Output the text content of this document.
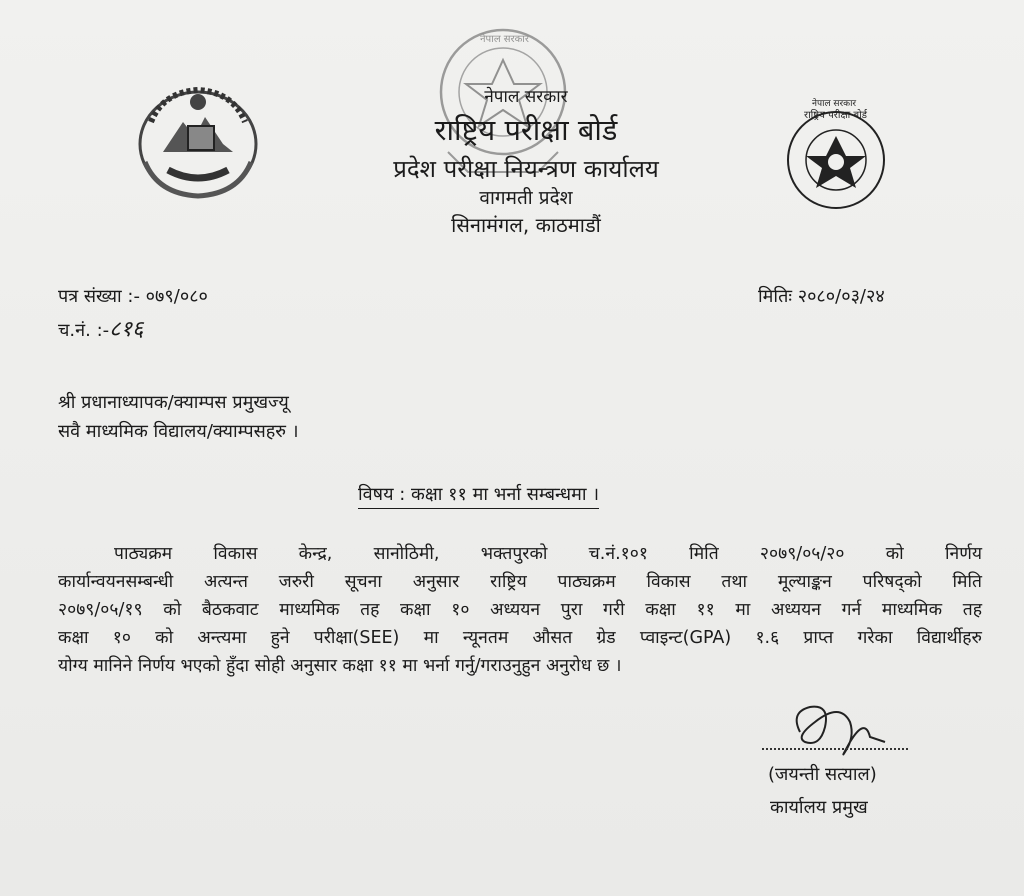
नेपाल सरकार
नेपाल सरकार
राष्ट्रिय परीक्षा बोर्ड
नेपाल सरकार
राष्ट्रिय परीक्षा बोर्ड
प्रदेश परीक्षा नियन्त्रण कार्यालय
वागमती प्रदेश
सिनामंगल, काठमाडौं
पत्र संख्या :- ०७९/०८०
च.नं. :-८१६
मितिः २०८०/०३/२४
श्री प्रधानाध्यापक/क्याम्पस प्रमुखज्यू
सवै माध्यमिक विद्यालय/क्याम्पसहरु ।
विषय : कक्षा ११ मा भर्ना सम्बन्धमा ।
पाठ्यक्रम विकास केन्द्र, सानोठिमी, भक्तपुरको च.नं.१०१ मिति २०७९/०५/२० को निर्णय
कार्यान्वयनसम्बन्धी अत्यन्त जरुरी सूचना अनुसार राष्ट्रिय पाठ्यक्रम विकास तथा मूल्याङ्कन परिषद्को मिति
२०७९/०५/१९ को बैठकवाट माध्यमिक तह कक्षा १० अध्ययन पुरा गरी कक्षा ११ मा अध्ययन गर्न माध्यमिक तह
कक्षा १० को अन्त्यमा हुने परीक्षा(SEE) मा न्यूनतम औसत ग्रेड प्वाइन्ट(GPA) १.६ प्राप्त गरेका विद्यार्थीहरु
योग्य मानिने निर्णय भएको हुँदा सोही अनुसार कक्षा ११ मा भर्ना गर्नु/गराउनुहुन अनुरोध छ ।
(जयन्ती सत्याल)
कार्यालय प्रमुख
